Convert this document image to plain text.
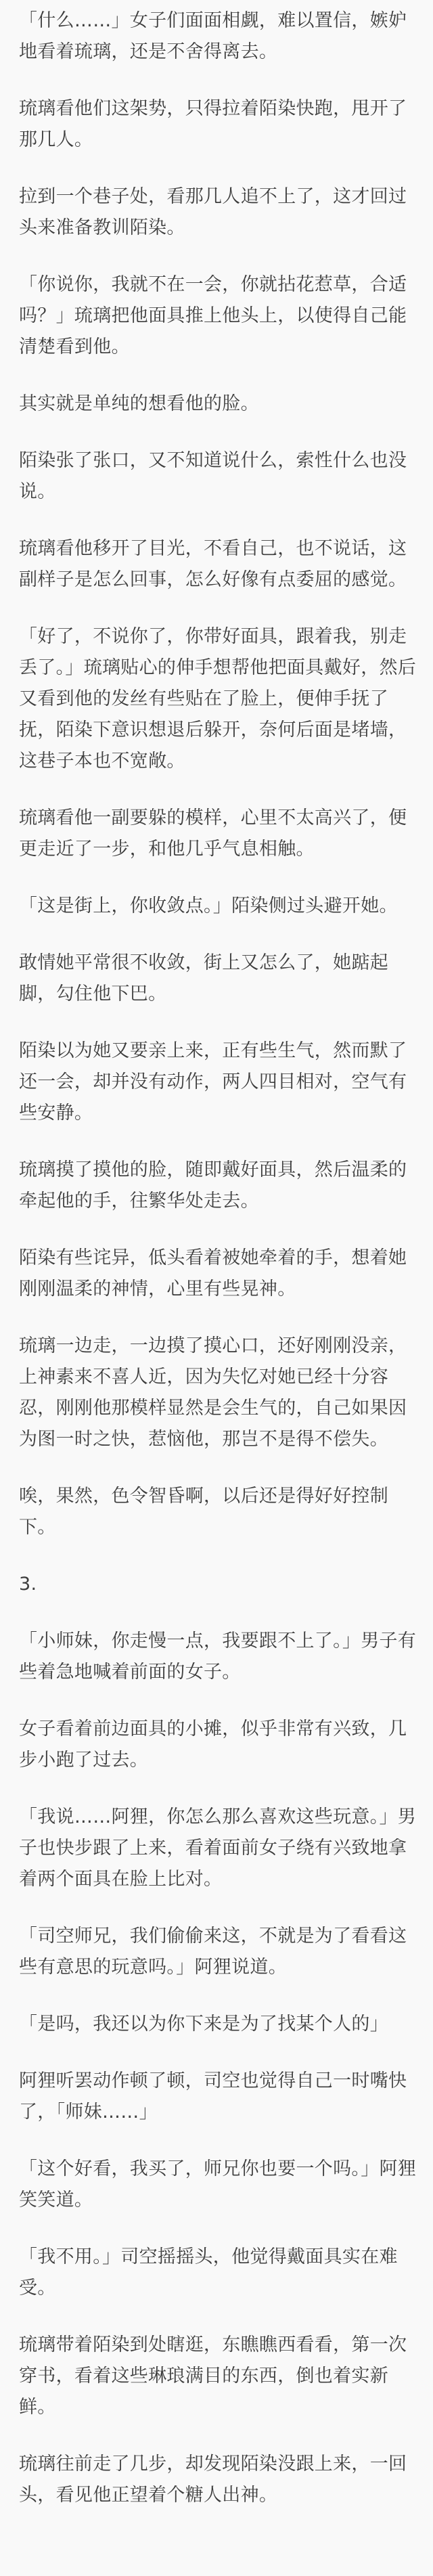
「什么……」女子们面面相觑，难以置信，嫉妒地看着琉璃，还是不舍得离去。

琉璃看他们这架势，只得拉着陌染快跑，甩开了那几人。

拉到一个巷子处，看那几人追不上了，这才回过头来准备教训陌染。

「你说你，我就不在一会，你就拈花惹草，合适吗？」琉璃把他面具推上他头上，以使得自己能清楚看到他。

其实就是单纯的想看他的脸。

陌染张了张口，又不知道说什么，索性什么也没说。

琉璃看他移开了目光，不看自己，也不说话，这副样子是怎么回事，怎么好像有点委屈的感觉。

「好了，不说你了，你带好面具，跟着我，别走丢了。」琉璃贴心的伸手想帮他把面具戴好，然后又看到他的发丝有些贴在了脸上，便伸手抚了抚，陌染下意识想退后躲开，奈何后面是堵墙，这巷子本也不宽敞。

琉璃看他一副要躲的模样，心里不太高兴了，便更走近了一步，和他几乎气息相触。

「这是街上，你收敛点。」陌染侧过头避开她。

敢情她平常很不收敛，街上又怎么了，她踮起脚，勾住他下巴。

陌染以为她又要亲上来，正有些生气，然而默了还一会，却并没有动作，两人四目相对，空气有些安静。

琉璃摸了摸他的脸，随即戴好面具，然后温柔的牵起他的手，往繁华处走去。

陌染有些诧异，低头看着被她牵着的手，想着她刚刚温柔的神情，心里有些晃神。

琉璃一边走，一边摸了摸心口，还好刚刚没亲，上神素来不喜人近，因为失忆对她已经十分容忍，刚刚他那模样显然是会生气的，自己如果因为图一时之快，惹恼他，那岂不是得不偿失。

唉，果然，色令智昏啊，以后还是得好好控制下。

3.

「小师妹，你走慢一点，我要跟不上了。」男子有些着急地喊着前面的女子。

女子看着前边面具的小摊，似乎非常有兴致，几步小跑了过去。

「我说……阿狸，你怎么那么喜欢这些玩意。」男子也快步跟了上来，看着面前女子绕有兴致地拿着两个面具在脸上比对。

「司空师兄，我们偷偷来这，不就是为了看看这些有意思的玩意吗。」阿狸说道。

「是吗，我还以为你下来是为了找某个人的」

阿狸听罢动作顿了顿，司空也觉得自己一时嘴快了，「师妹……」

「这个好看，我买了，师兄你也要一个吗。」阿狸笑笑道。

「我不用。」司空摇摇头，他觉得戴面具实在难受。

琉璃带着陌染到处瞎逛，东瞧瞧西看看，第一次穿书，看着这些琳琅满目的东西，倒也着实新鲜。

琉璃往前走了几步，却发现陌染没跟上来，一回头，看见他正望着个糖人出神。
